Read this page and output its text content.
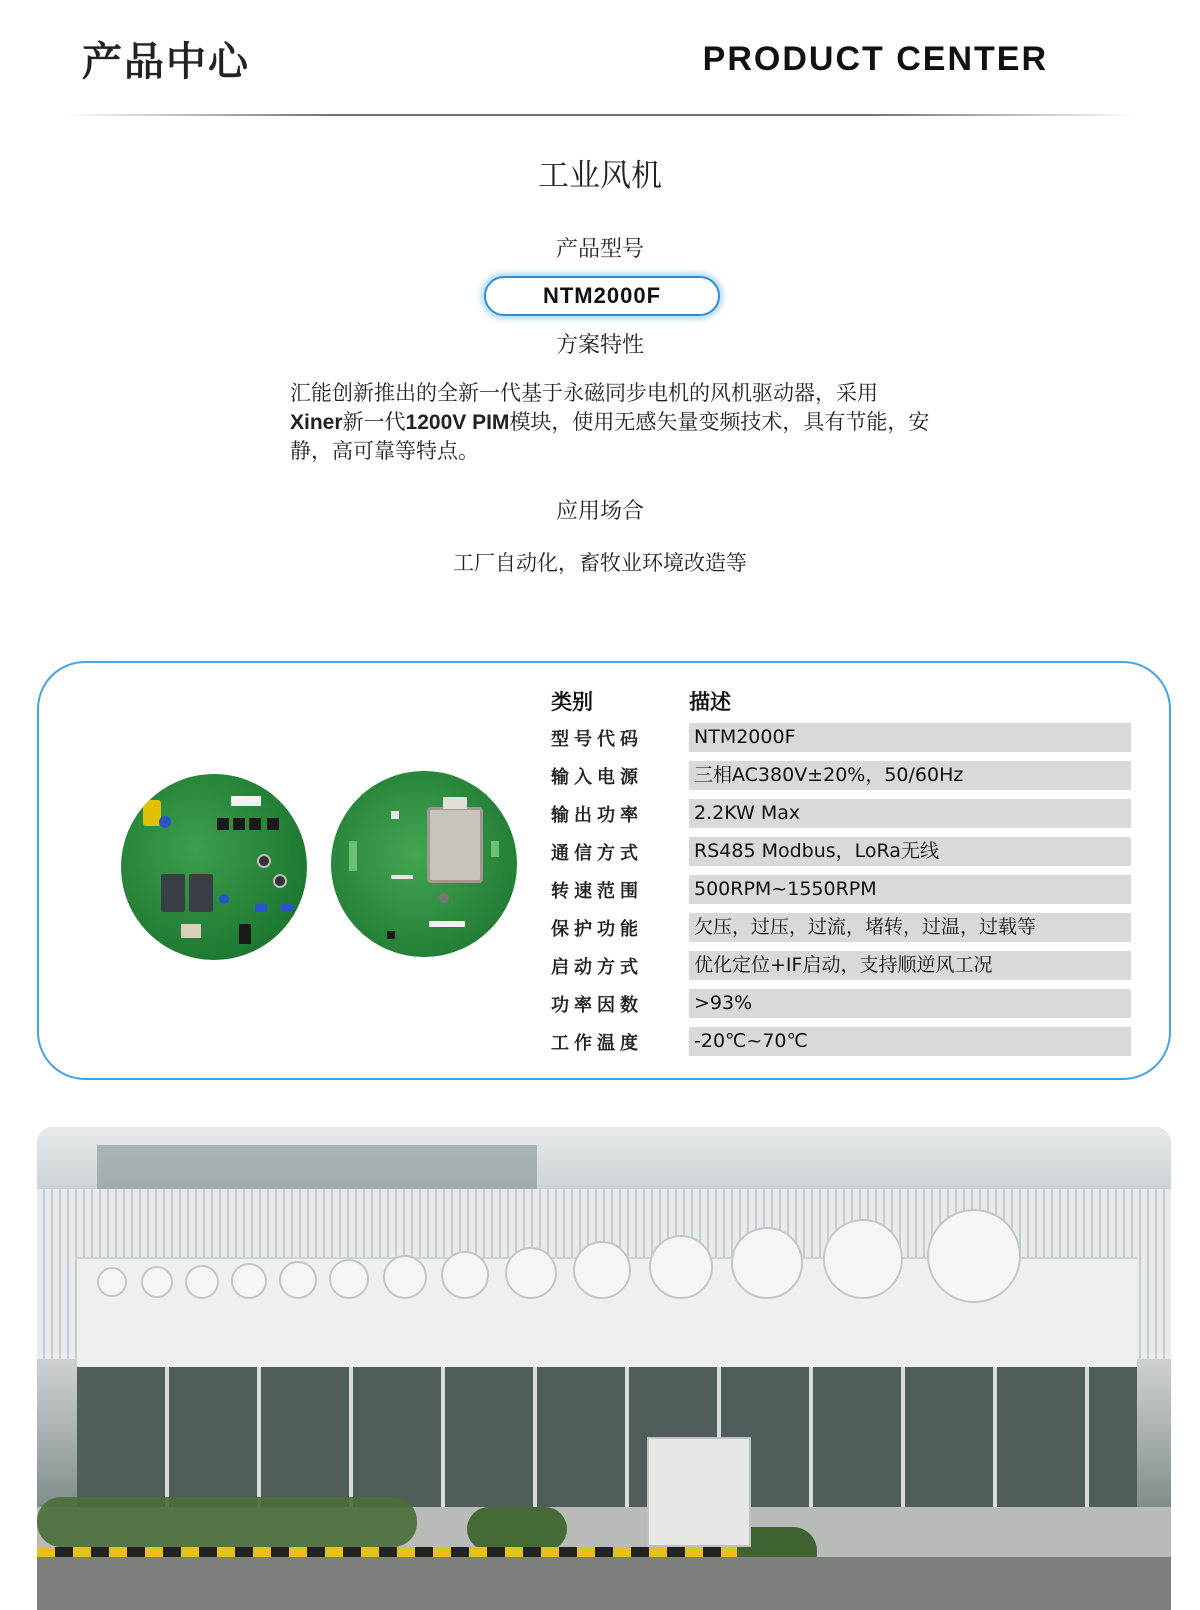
产品中心	PRODUCT CENTER
工业风机
产品型号
NTM2000F
方案特性
汇能创新推出的全新一代基于永磁同步电机的风机驱动器，采用Xiner新一代1200V PIM模块，使用无感矢量变频技术，具有节能，安静，高可靠等特点。
应用场合
工厂自动化，畜牧业环境改造等
类别	描述
型号代码	NTM2000F
输入电源	三相AC380V±20%，50/60Hz
输出功率	2.2KW Max
通信方式	RS485 Modbus，LoRa无线
转速范围	500RPM~1550RPM
保护功能	欠压，过压，过流，堵转，过温，过载等
启动方式	优化定位+IF启动，支持顺逆风工况
功率因数	>93%
工作温度	-20℃~70℃
